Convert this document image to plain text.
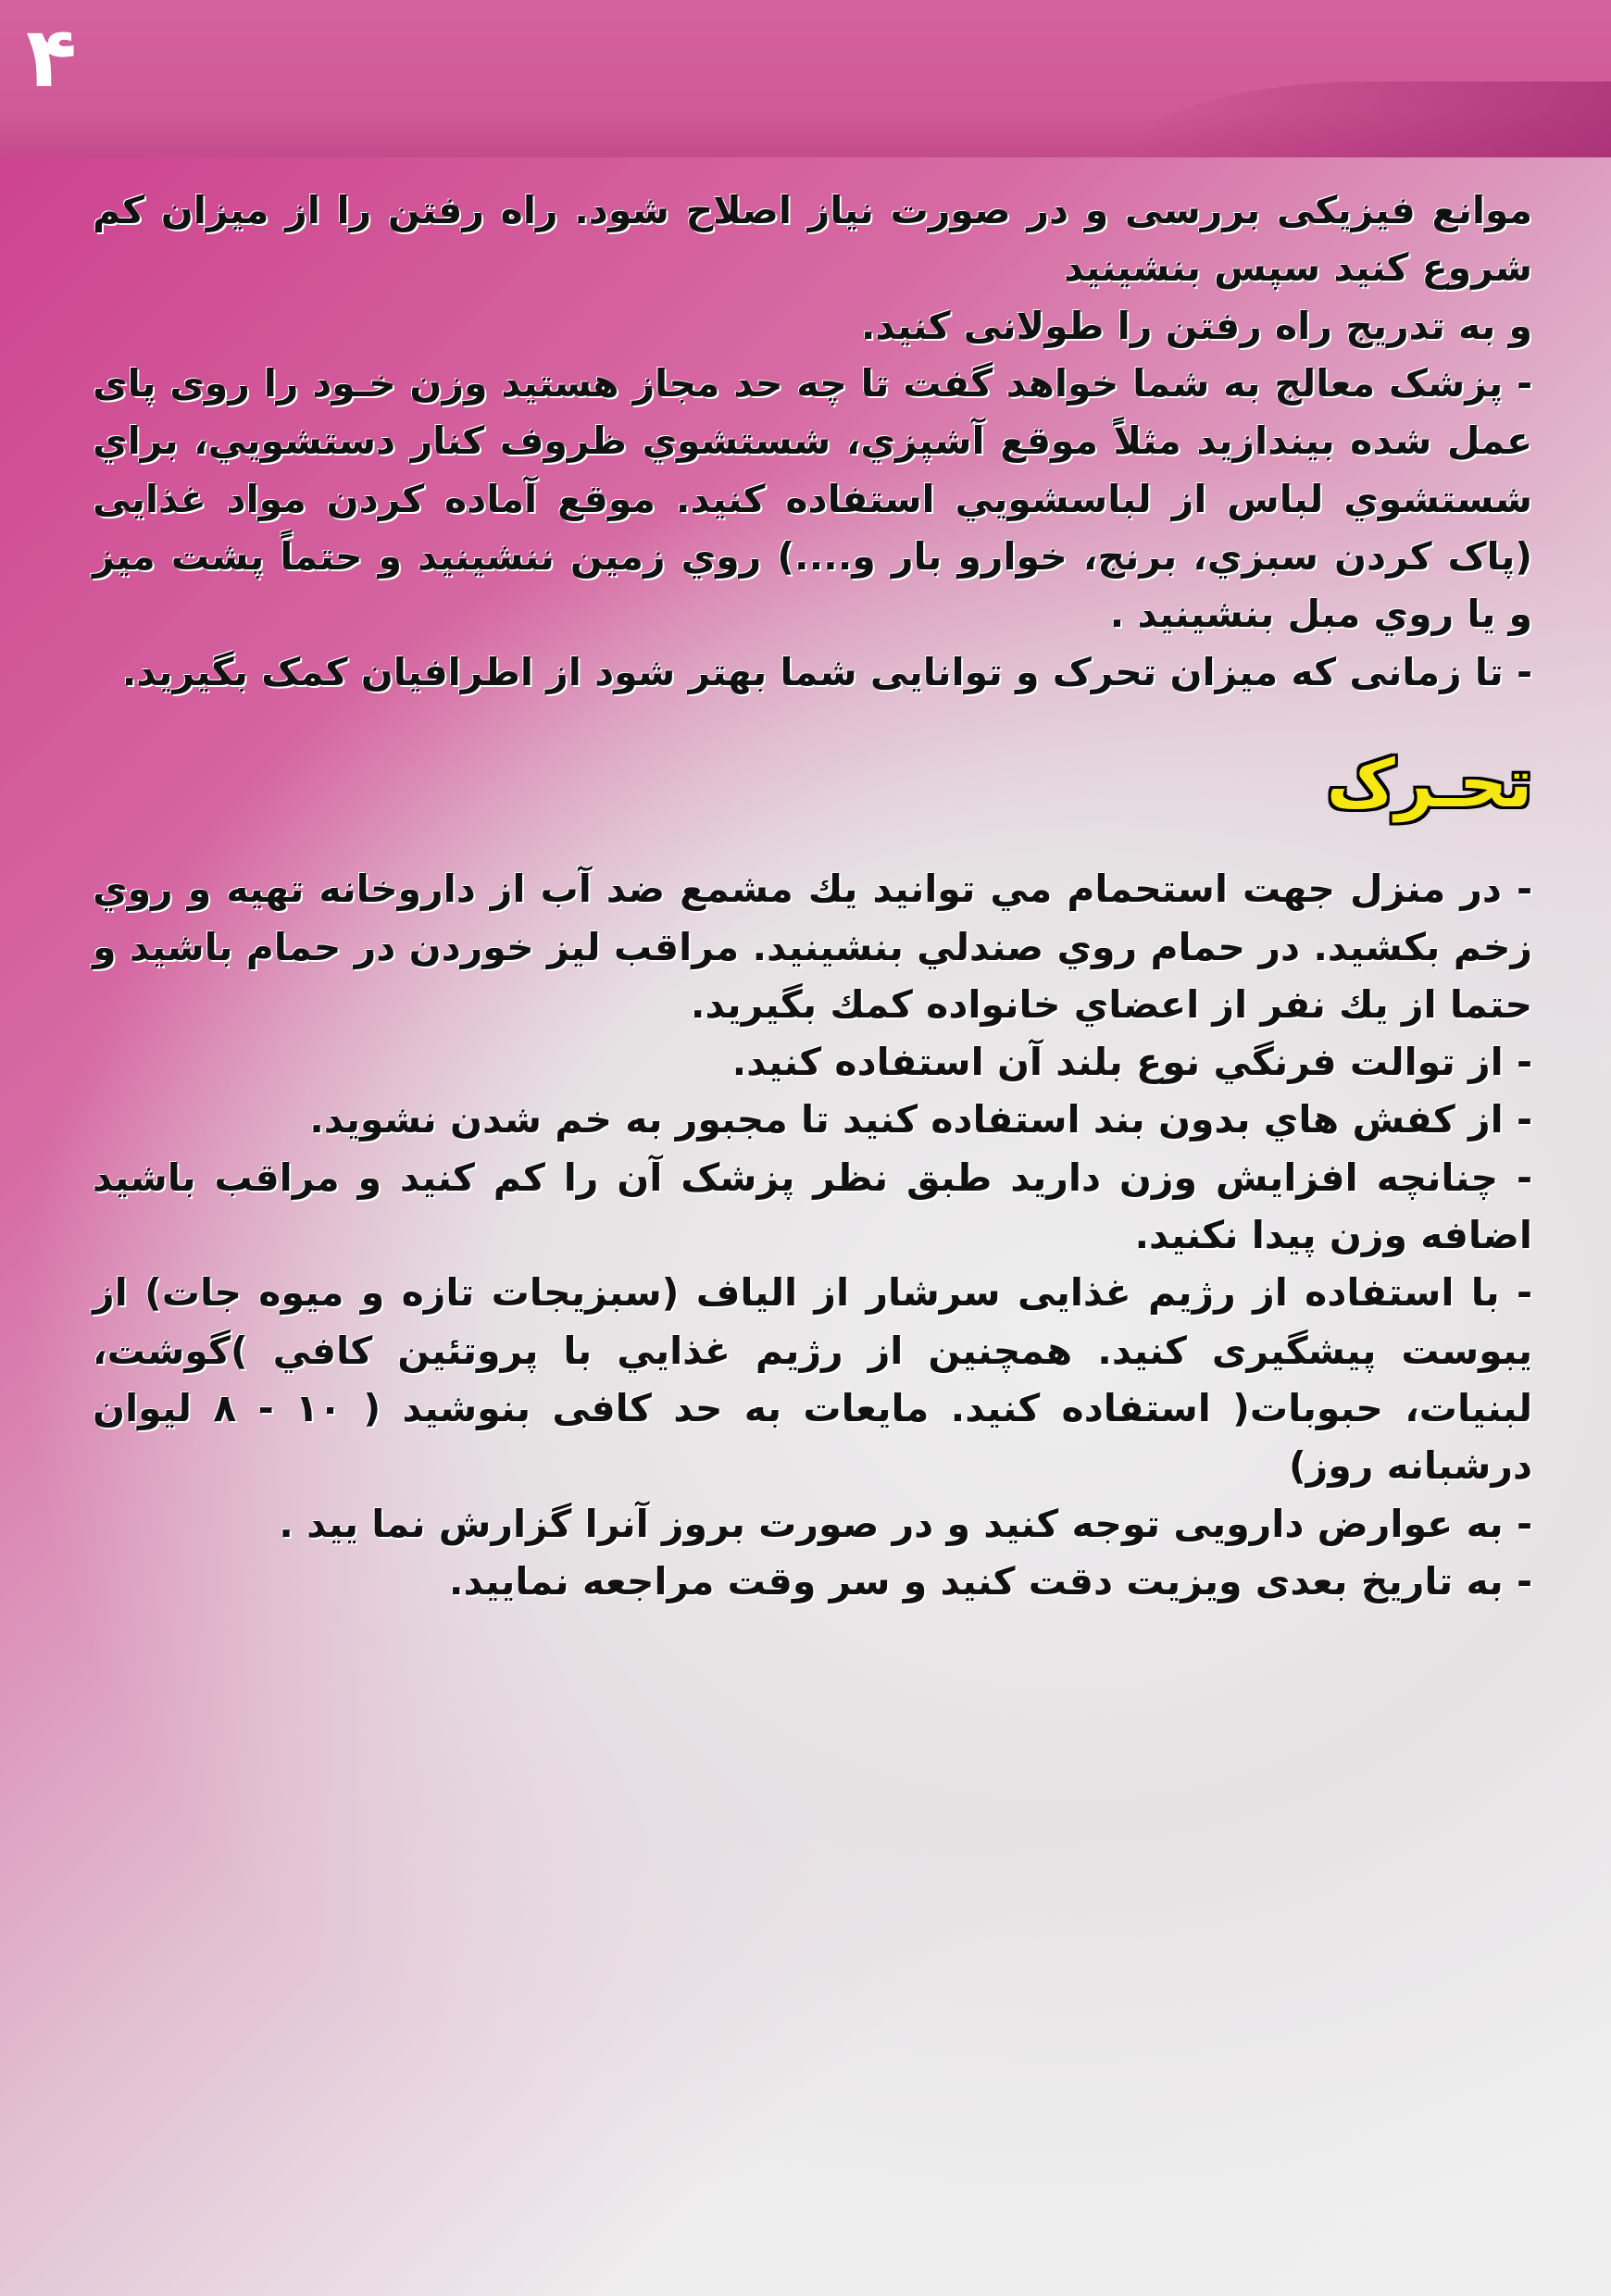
۴

موانع فیزیکی بررسی و در صورت نیاز اصلاح شود. راه رفتن را از میزان کم شروع کنید سپس بنشینید

و به تدریج راه رفتن را طولانی کنید.

- پزشک معالج به شما خواهد گفت تا چه حد مجاز هستید وزن خـود را روی پای عمل شده بیندازید مثلاً موقع آشپزي، شستشوي ظروف کنار دستشويي، براي شستشوي لباس از لباسشويي استفاده کنید. موقع آماده کردن مواد غذایی (پاک کردن سبزي، برنج، خوارو بار و....) روي زمین ننشینید و حتماً پشت میز و یا روي مبل بنشینید .

- تا زمانی که میزان تحرک و توانایی شما بهتر شود از اطرافیان کمک بگیرید.

تحـرک

- در منزل جهت استحمام مي توانید يك مشمع ضد آب از داروخانه تهیه و روي زخم بکشید. در حمام روي صندلي بنشینید. مراقب لیز خوردن در حمام باشید و حتما از يك نفر از اعضاي خانواده كمك بگیرید.

- از توالت فرنگي نوع بلند آن استفاده کنید.

- از کفش هاي بدون بند استفاده كنيد تا مجبور به خم شدن نشوید.

- چنانچه افزایش وزن دارید طبق نظر پزشک آن را کم کنید و مراقب باشید اضافه وزن پیدا نکنید.

- با استفاده از رژیم غذایی سرشار از الیاف (سبزیجات تازه و میوه جات) از یبوست پیشگیری کنید. همچنین از رژیم غذايي با پروتئین كافي )گوشت، لبنیات، حبوبات( استفاده کنید. مایعات به حد کافی بنوشید ( ۱۰ - ۸ لیوان درشبانه روز)

- به عوارض دارویی توجه کنید و در صورت بروز آنرا گزارش نما یید .

- به تاریخ بعدی ویزیت دقت کنید و سر وقت مراجعه نمایید.
